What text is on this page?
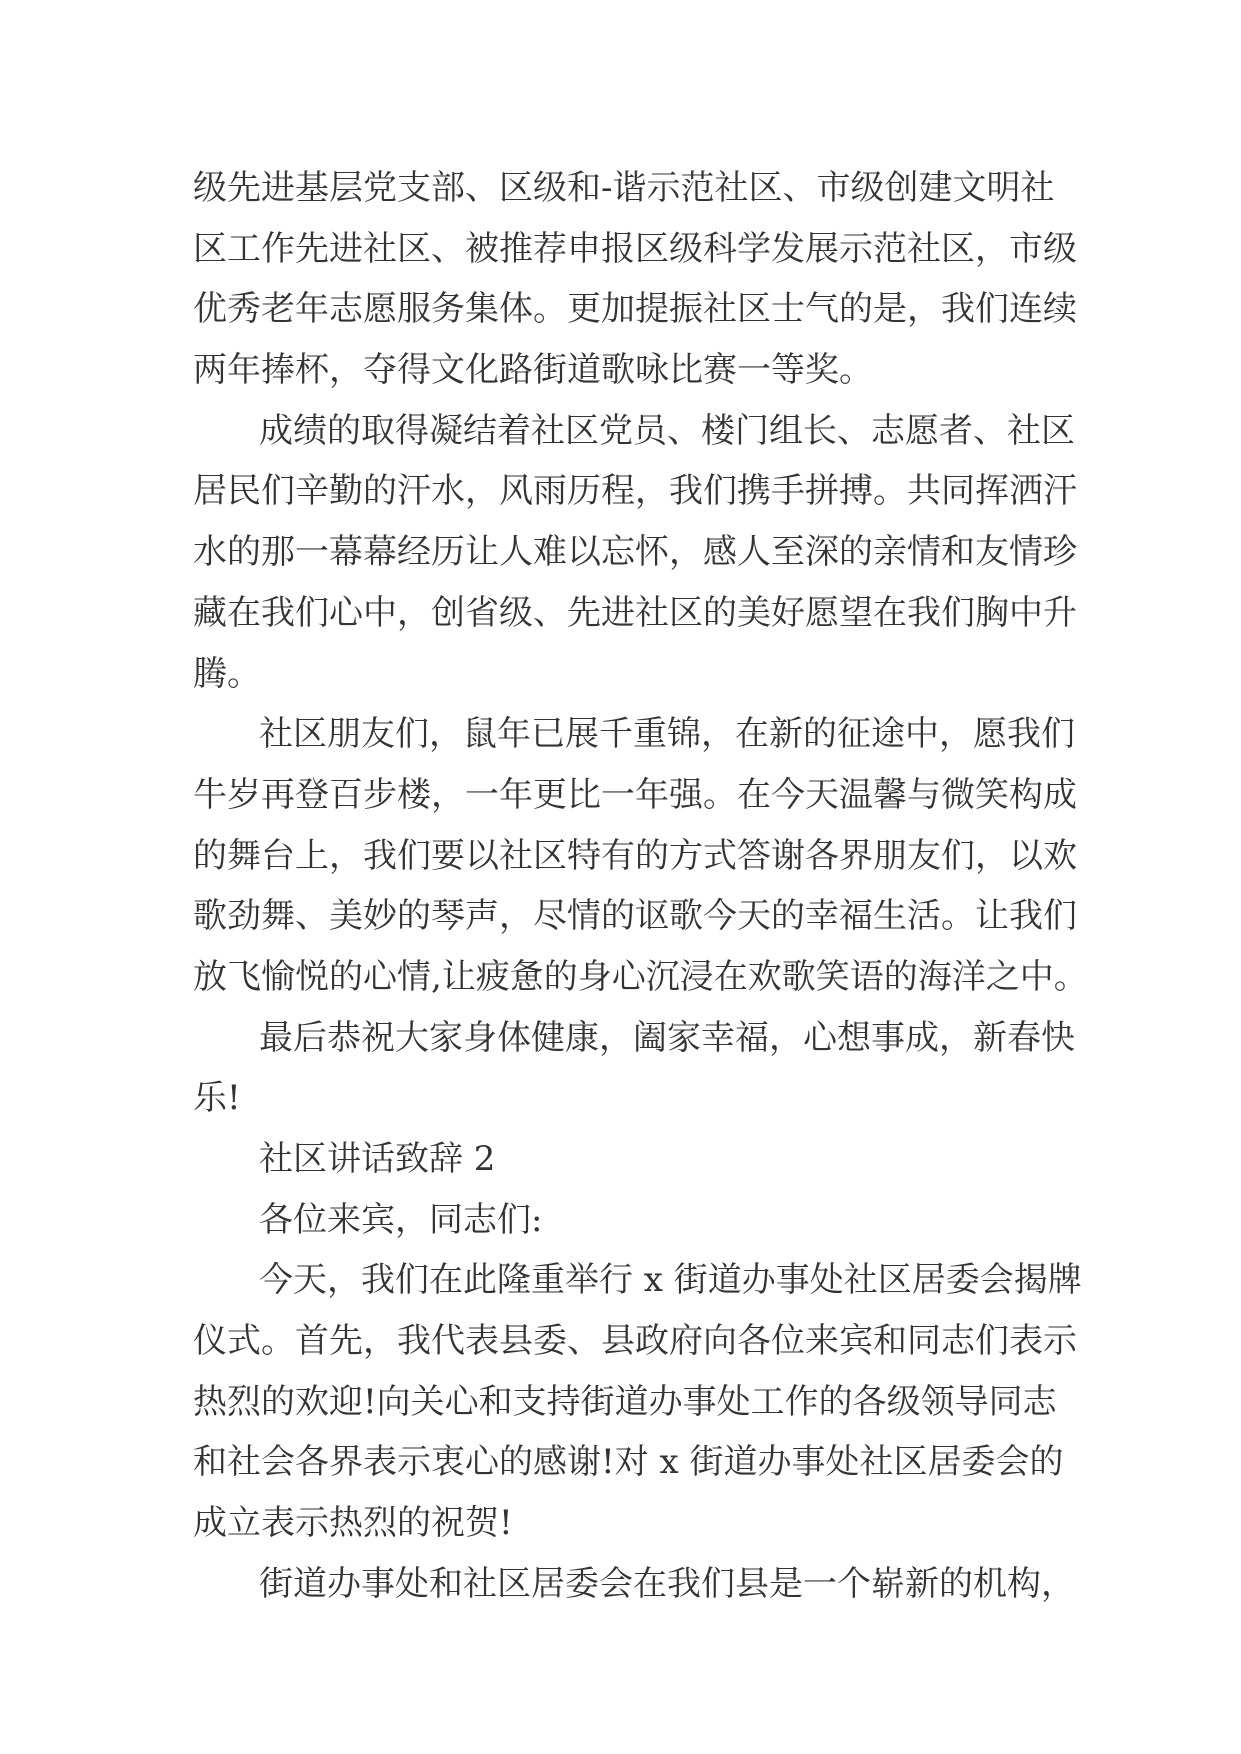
级先进基层党支部、区级和-谐示范社区、市级创建文明社
区工作先进社区、被推荐申报区级科学发展示范社区，市级
优秀老年志愿服务集体。更加提振社区士气的是，我们连续
两年捧杯，夺得文化路街道歌咏比赛一等奖。
成绩的取得凝结着社区党员、楼门组长、志愿者、社区
居民们辛勤的汗水，风雨历程，我们携手拼搏。共同挥洒汗
水的那一幕幕经历让人难以忘怀，感人至深的亲情和友情珍
藏在我们心中，创省级、先进社区的美好愿望在我们胸中升
腾。
社区朋友们，鼠年已展千重锦，在新的征途中，愿我们
牛岁再登百步楼，一年更比一年强。在今天温馨与微笑构成
的舞台上，我们要以社区特有的方式答谢各界朋友们，以欢
歌劲舞、美妙的琴声，尽情的讴歌今天的幸福生活。让我们
放飞愉悦的心情,让疲惫的身心沉浸在欢歌笑语的海洋之中。
最后恭祝大家身体健康，阖家幸福，心想事成，新春快
乐!
社区讲话致辞 2
各位来宾，同志们:
今天，我们在此隆重举行 x 街道办事处社区居委会揭牌
仪式。首先，我代表县委、县政府向各位来宾和同志们表示
热烈的欢迎!向关心和支持街道办事处工作的各级领导同志
和社会各界表示衷心的感谢!对 x 街道办事处社区居委会的
成立表示热烈的祝贺!
街道办事处和社区居委会在我们县是一个崭新的机构，
